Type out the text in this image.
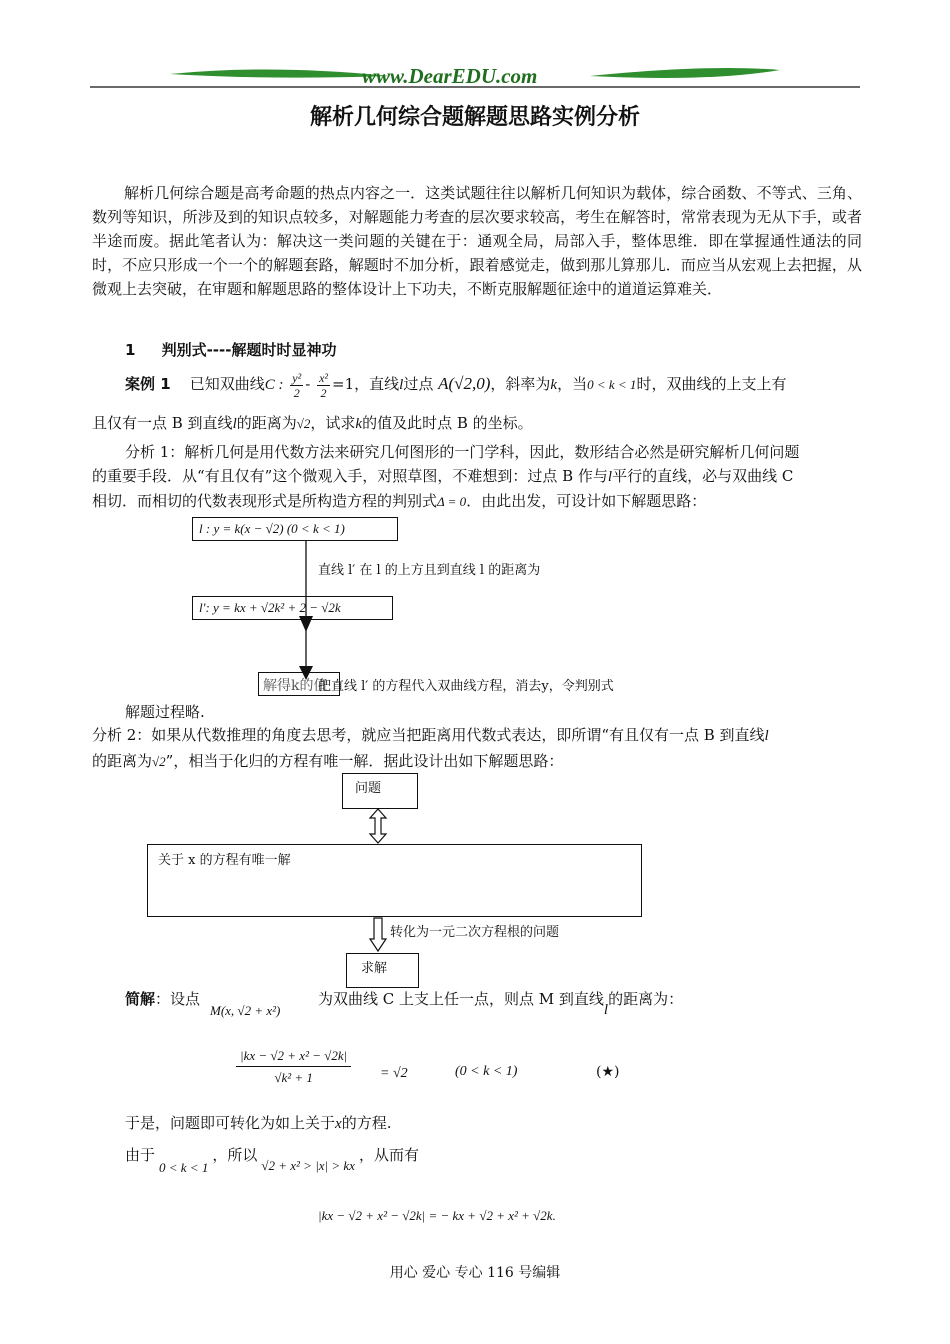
www.DearEDU.com
解析几何综合题解题思路实例分析
解析几何综合题是高考命题的热点内容之一．这类试题往往以解析几何知识为载体，综合函数、不等式、三角、数列等知识，所涉及到的知识点较多，对解题能力考查的层次要求较高，考生在解答时，常常表现为无从下手，或者半途而废。据此笔者认为：解决这一类问题的关键在于：通观全局，局部入手，整体思维．即在掌握通性通法的同时，不应只形成一个一个的解题套路，解题时不加分析，跟着感觉走，做到那儿算那儿．而应当从宏观上去把握，从微观上去突破，在审题和解题思路的整体设计上下功夫，不断克服解题征途中的道道运算难关．
1 判别式----解题时时显神功
案例 1 已知双曲线C : $\frac{\text{y²}}{2} - \frac{\text{x²}}{2} =1$，直线l过点 A(√2,0)，斜率为k，当0 < k < 1时，双曲线的上支上有
且仅有一点 B 到直线l的距离为√2，试求k的值及此时点 B 的坐标。
分析 1：解析几何是用代数方法来研究几何图形的一门学科，因此，数形结合必然是研究解析几何问题
的重要手段．从“有且仅有”这个微观入手，对照草图，不难想到：过点 B 作与l平行的直线，必与双曲线 C
相切．而相切的代数表现形式是所构造方程的判别式Δ = 0．由此出发，可设计如下解题思路：
l : y = k(x − √2) (0 < k < 1)
直线 l′ 在 l 的上方且到直线 l 的距离为
l′: y = kx + √2k² + 2 − √2k
解得k的值
把直线 l′ 的方程代入双曲线方程，消去y，令判别式
解题过程略.
分析 2：如果从代数推理的角度去思考，就应当把距离用代数式表达，即所谓“有且仅有一点 B 到直线l
的距离为√2”，相当于化归的方程有唯一解．据此设计出如下解题思路：
问题
关于 x 的方程有唯一解
转化为一元二次方程根的问题
求解
简解：设点
M(x, √2 + x²)
为双曲线 C 上支上任一点，则点 M 到直线l的距离为：
$\frac{\text{|kx − √2 + x² − √2k|}}{\text{√k² + 1}} = √2$	(0 < k < 1)	(★)
于是，问题即可转化为如上关于x的方程.
由于0 < k < 1，所以√2 + x² > |x| > kx，从而有
|kx − √2 + x² − √2k| = − kx + √2 + x² + √2k.
用心 爱心 专心 116 号编辑
